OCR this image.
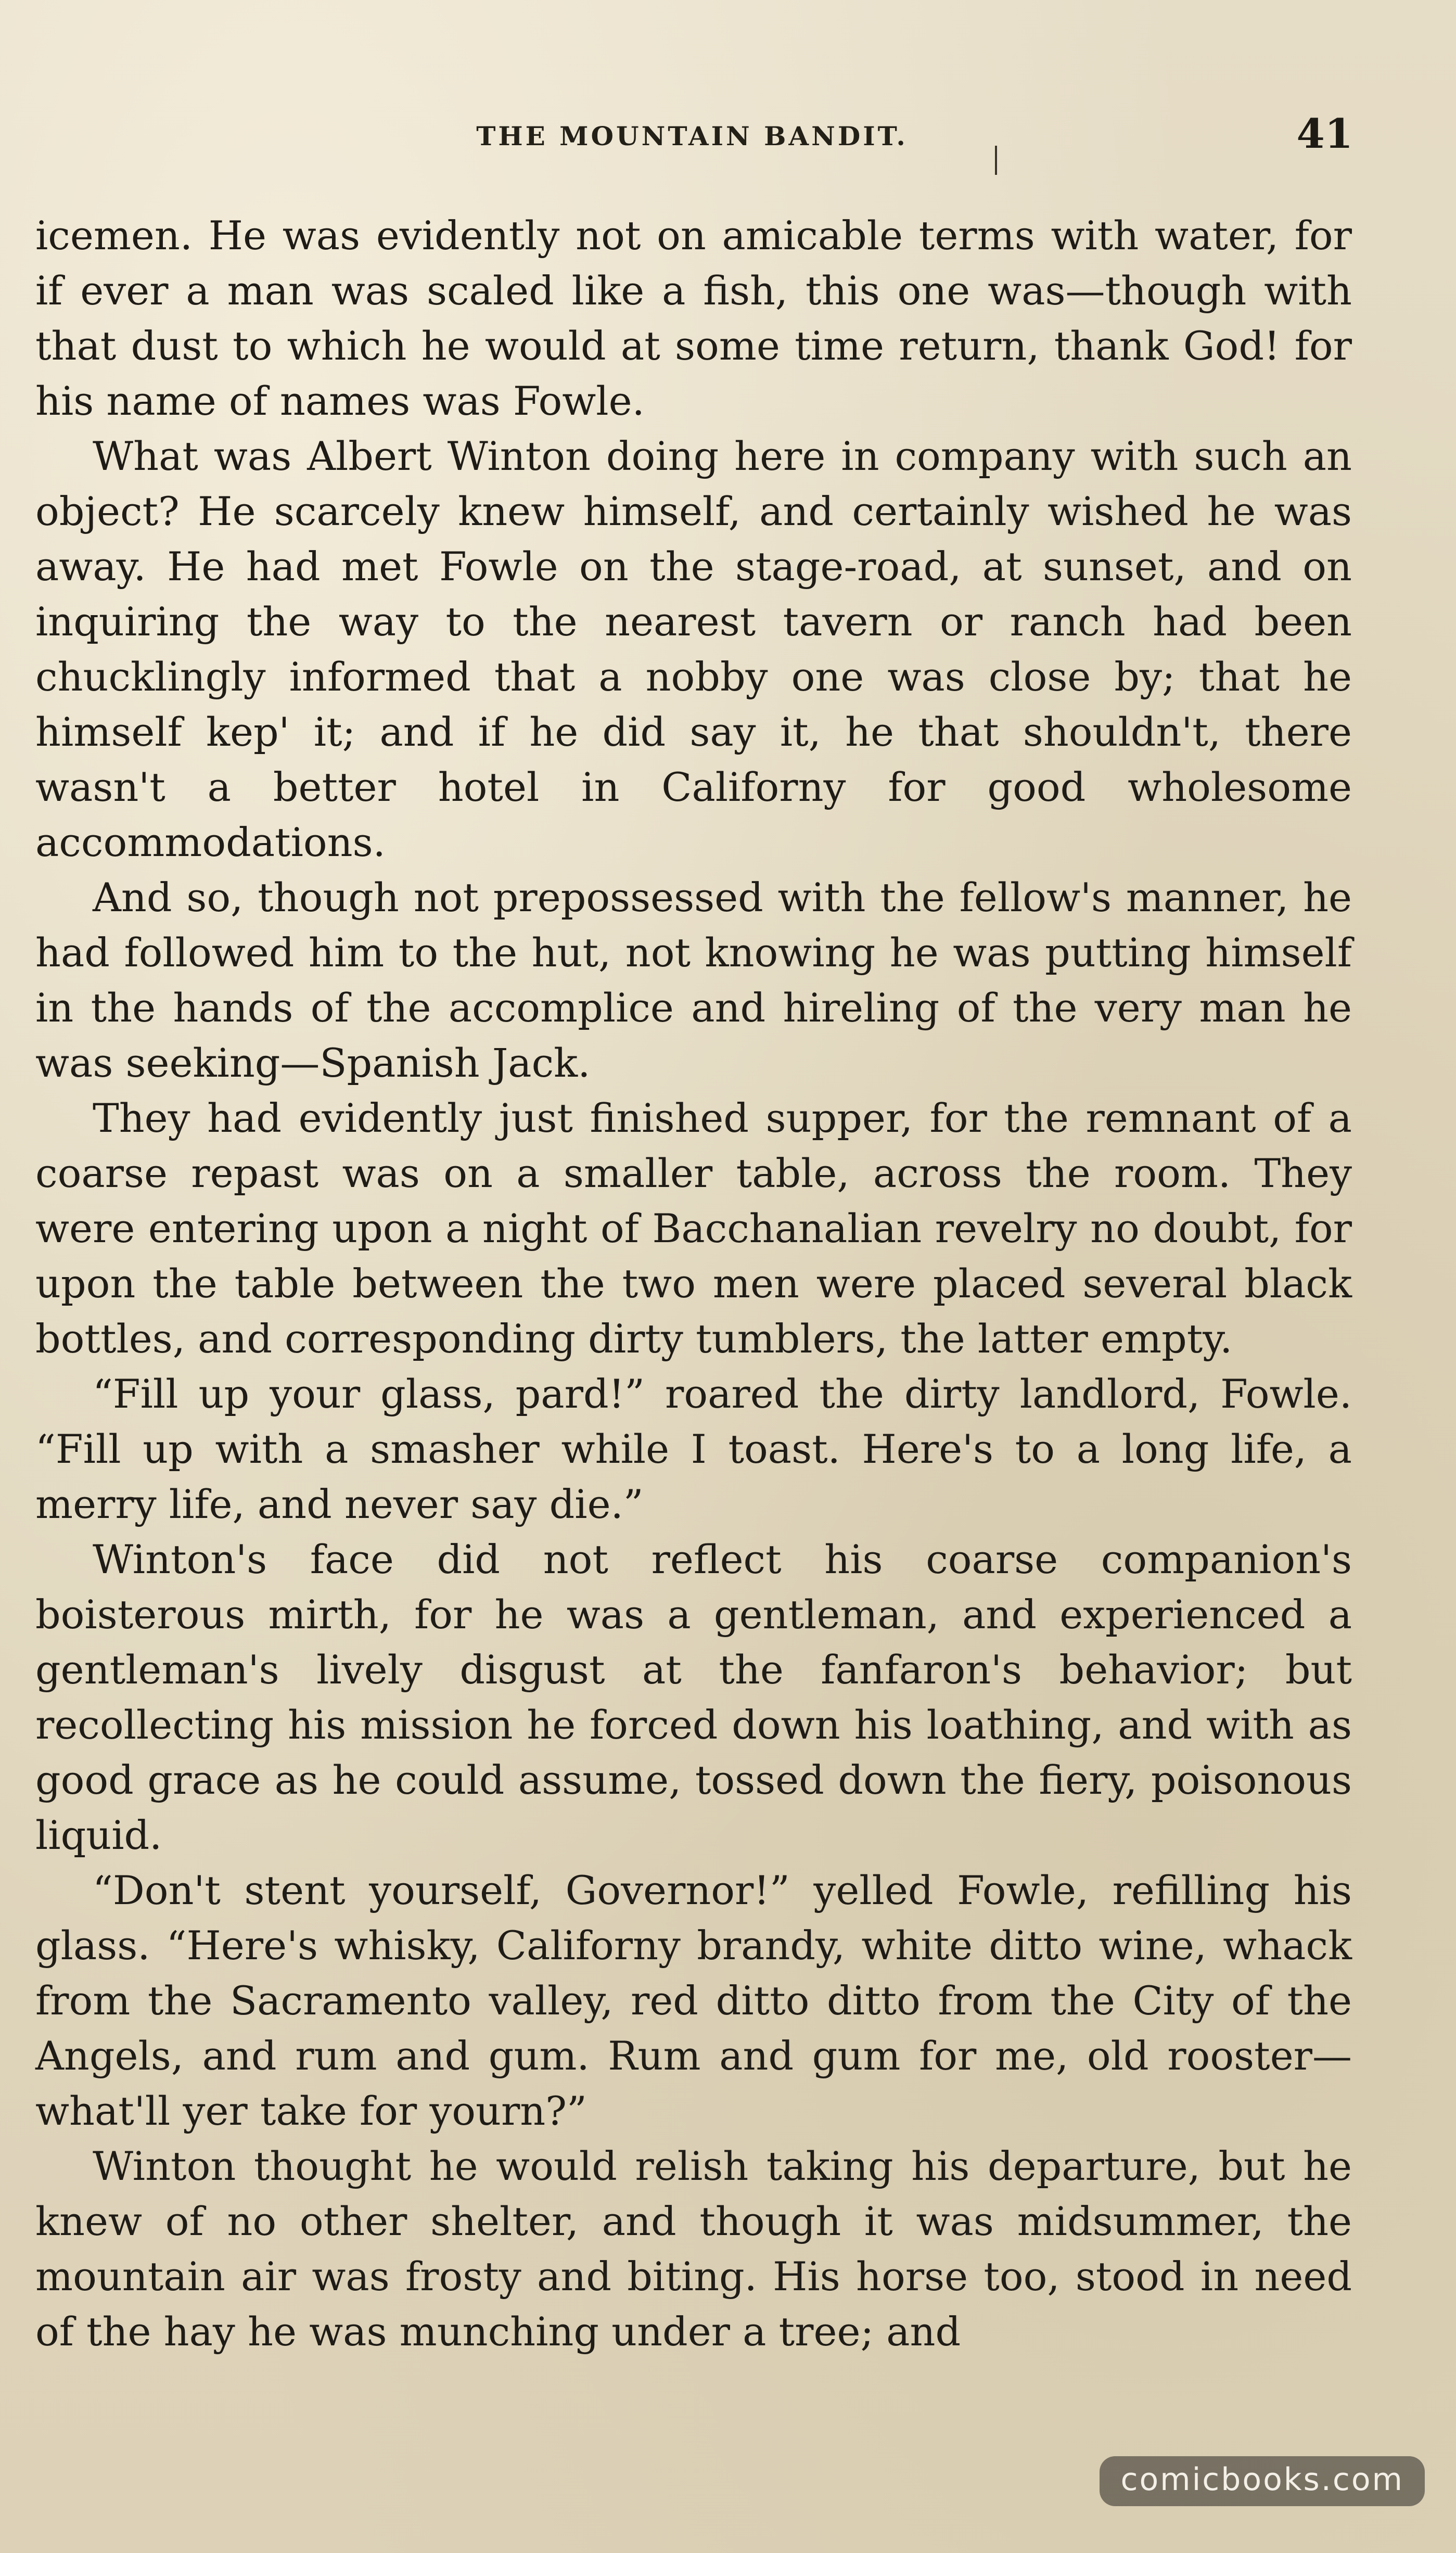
THE MOUNTAIN BANDIT.	41

icemen. He was evidently not on amicable terms with water, for if ever a man was scaled like a fish, this one was—though with that dust to which he would at some time return, thank God! for his name of names was Fowle.

What was Albert Winton doing here in company with such an object? He scarcely knew himself, and certainly wished he was away. He had met Fowle on the stage-road, at sunset, and on inquiring the way to the nearest tavern or ranch had been chucklingly informed that a nobby one was close by; that he himself kep' it; and if he did say it, he that shouldn't, there wasn't a better hotel in Californy for good wholesome accommodations.

And so, though not prepossessed with the fellow's manner, he had followed him to the hut, not knowing he was putting himself in the hands of the accomplice and hireling of the very man he was seeking—Spanish Jack.

They had evidently just finished supper, for the remnant of a coarse repast was on a smaller table, across the room. They were entering upon a night of Bacchanalian revelry no doubt, for upon the table between the two men were placed several black bottles, and corresponding dirty tumblers, the latter empty.

“Fill up your glass, pard!” roared the dirty landlord, Fowle. “Fill up with a smasher while I toast. Here's to a long life, a merry life, and never say die.”

Winton's face did not reflect his coarse companion's boisterous mirth, for he was a gentleman, and experienced a gentleman's lively disgust at the fanfaron's behavior; but recollecting his mission he forced down his loathing, and with as good grace as he could assume, tossed down the fiery, poisonous liquid.

“Don't stent yourself, Governor!” yelled Fowle, refilling his glass. “Here's whisky, Californy brandy, white ditto wine, whack from the Sacramento valley, red ditto ditto from the City of the Angels, and rum and gum. Rum and gum for me, old rooster—what'll yer take for yourn?”

Winton thought he would relish taking his departure, but he knew of no other shelter, and though it was midsummer, the mountain air was frosty and biting. His horse too, stood in need of the hay he was munching under a tree; and

comicbooks.com
